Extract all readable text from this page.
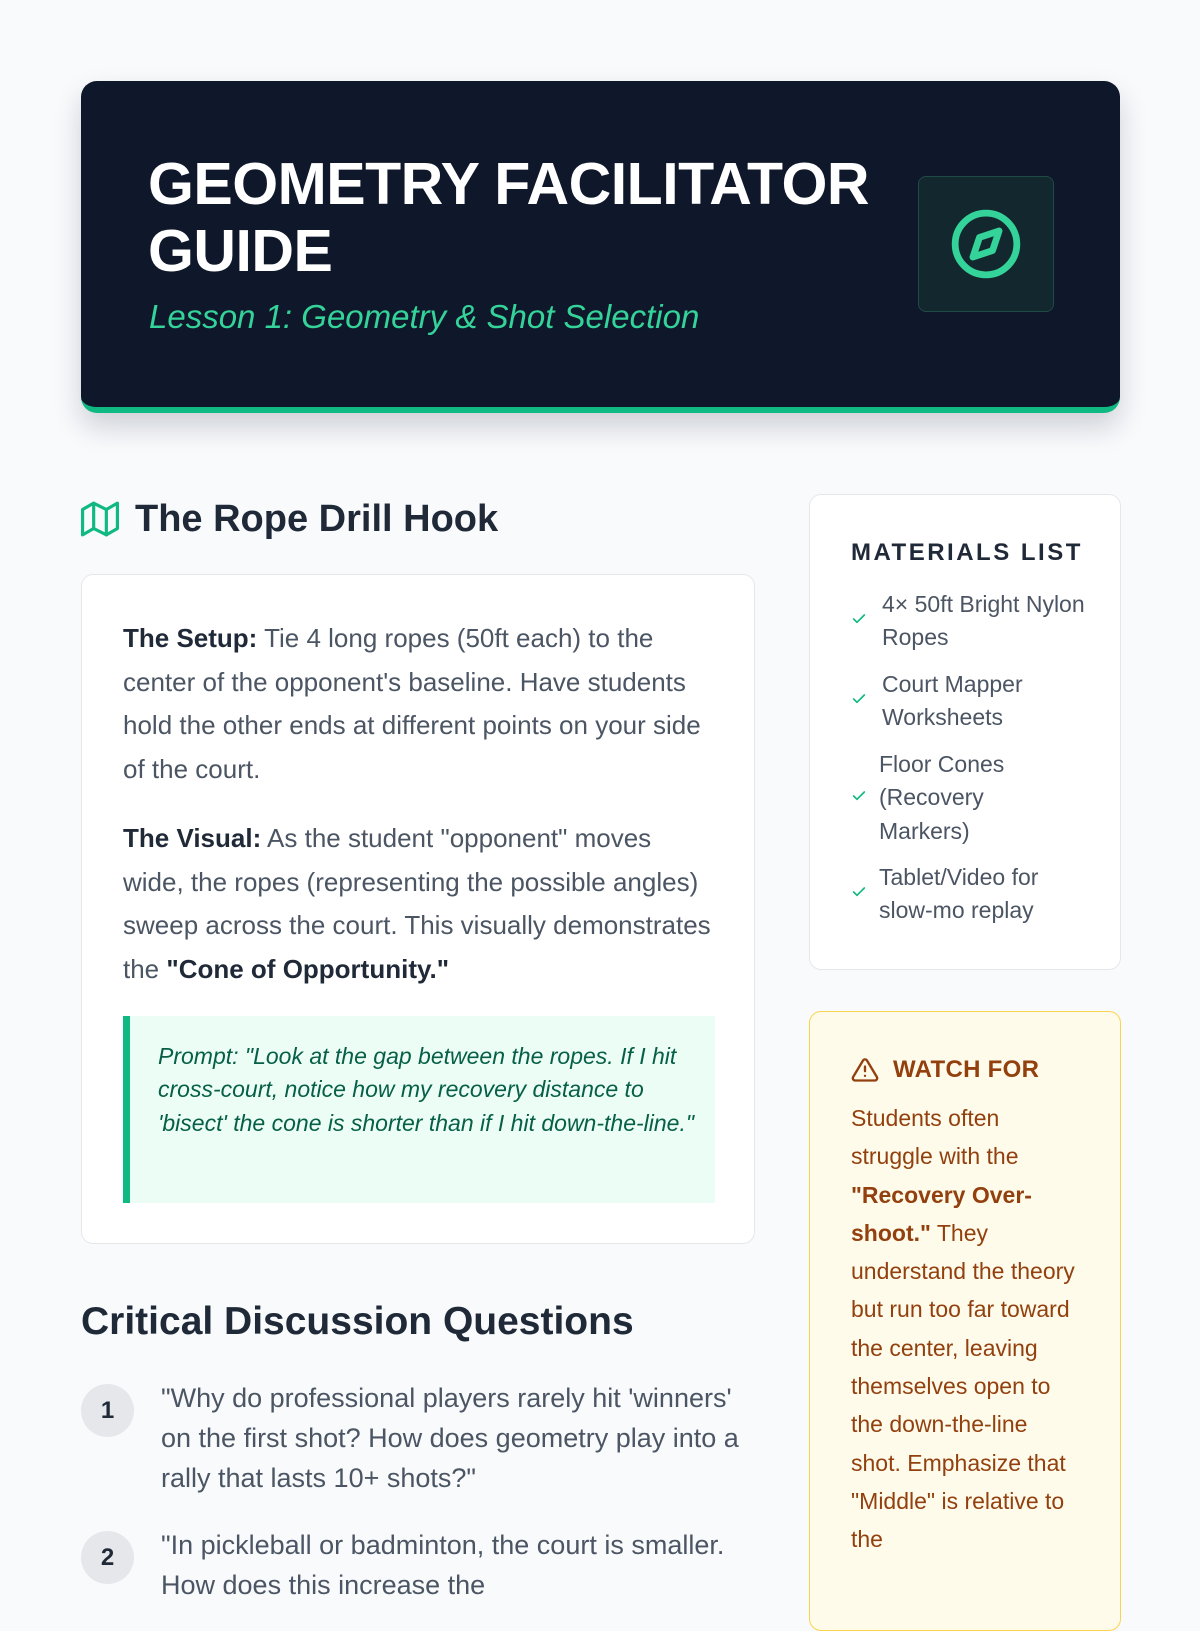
GEOMETRY FACILITATOR GUIDE
Lesson 1: Geometry & Shot Selection
The Rope Drill Hook

The Setup: Tie 4 long ropes (50ft each) to the center of the opponent's baseline. Have students hold the other ends at different points on your side of the court.

The Visual: As the student "opponent" moves wide, the ropes (representing the possible angles) sweep across the court. This visually demonstrates the "Cone of Opportunity."

Prompt: "Look at the gap between the ropes. If I hit cross-court, notice how my recovery distance to 'bisect' the cone is shorter than if I hit down-the-line."

Critical Discussion Questions
1	"Why do professional players rarely hit 'winners' on the first shot? How does geometry play into a rally that lasts 10+ shots?"

2	"In pickleball or badminton, the court is smaller. How does this increase the

MATERIALS LIST
4× 50ft Bright Nylon Ropes
Court Mapper Worksheets
Floor Cones (Recovery Markers)
Tablet/Video for slow-mo replay
WATCH FOR

Students often struggle with the "Recovery Over-shoot." They understand the theory but run too far toward the center, leaving themselves open to the down-the-line shot. Emphasize that "Middle" is relative to the
